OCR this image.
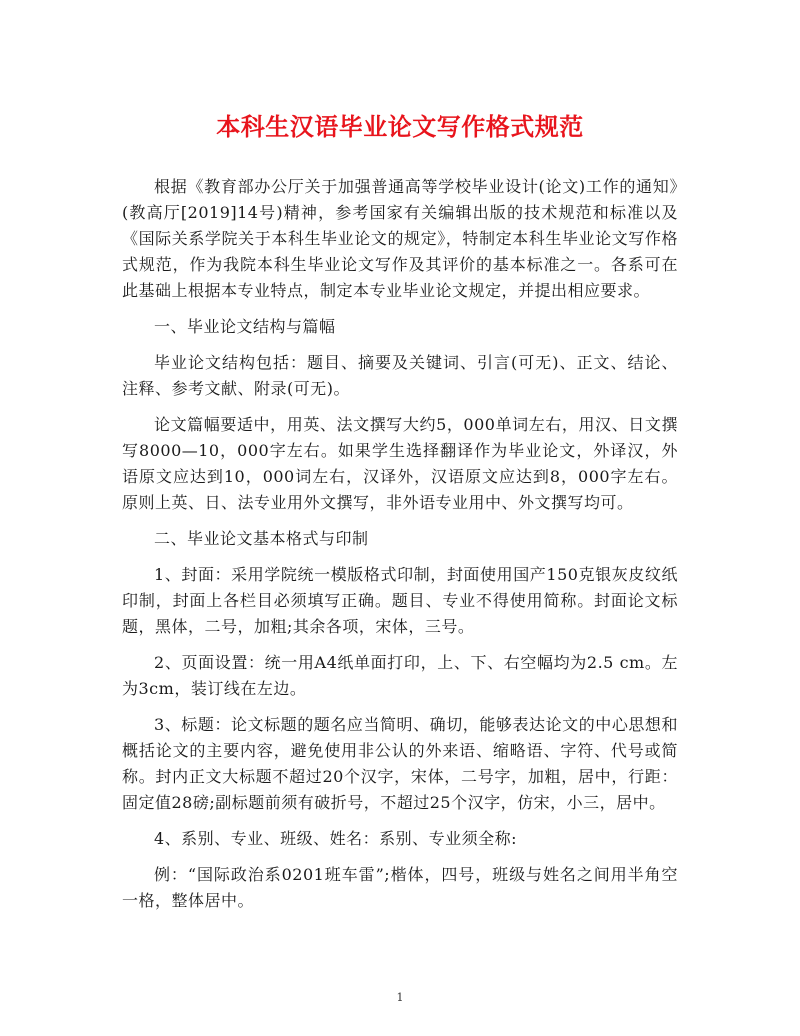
本科生汉语毕业论文写作格式规范

根据《教育部办公厅关于加强普通高等学校毕业设计(论文)工作的通知》(教高厅[2019]14号)精神，参考国家有关编辑出版的技术规范和标准以及《国际关系学院关于本科生毕业论文的规定》，特制定本科生毕业论文写作格式规范，作为我院本科生毕业论文写作及其评价的基本标准之一。各系可在此基础上根据本专业特点，制定本专业毕业论文规定，并提出相应要求。

一、毕业论文结构与篇幅

毕业论文结构包括：题目、摘要及关键词、引言(可无)、正文、结论、注释、参考文献、附录(可无)。

论文篇幅要适中，用英、法文撰写大约5，000单词左右，用汉、日文撰写8000—10，000字左右。如果学生选择翻译作为毕业论文，外译汉，外语原文应达到10，000词左右，汉译外，汉语原文应达到8，000字左右。原则上英、日、法专业用外文撰写，非外语专业用中、外文撰写均可。

二、毕业论文基本格式与印制

1、封面：采用学院统一模版格式印制，封面使用国产150克银灰皮纹纸印制，封面上各栏目必须填写正确。题目、专业不得使用简称。封面论文标题，黑体，二号，加粗;其余各项，宋体，三号。

2、页面设置：统一用A4纸单面打印，上、下、右空幅均为2.5 cm。左为3cm，装订线在左边。

3、标题：论文标题的题名应当简明、确切，能够表达论文的中心思想和概括论文的主要内容，避免使用非公认的外来语、缩略语、字符、代号或简称。封内正文大标题不超过20个汉字，宋体，二号字，加粗，居中，行距：固定值28磅;副标题前须有破折号，不超过25个汉字，仿宋，小三，居中。

4、系别、专业、班级、姓名：系别、专业须全称:

例：“国际政治系0201班车雷”;楷体，四号，班级与姓名之间用半角空一格，整体居中。

1
